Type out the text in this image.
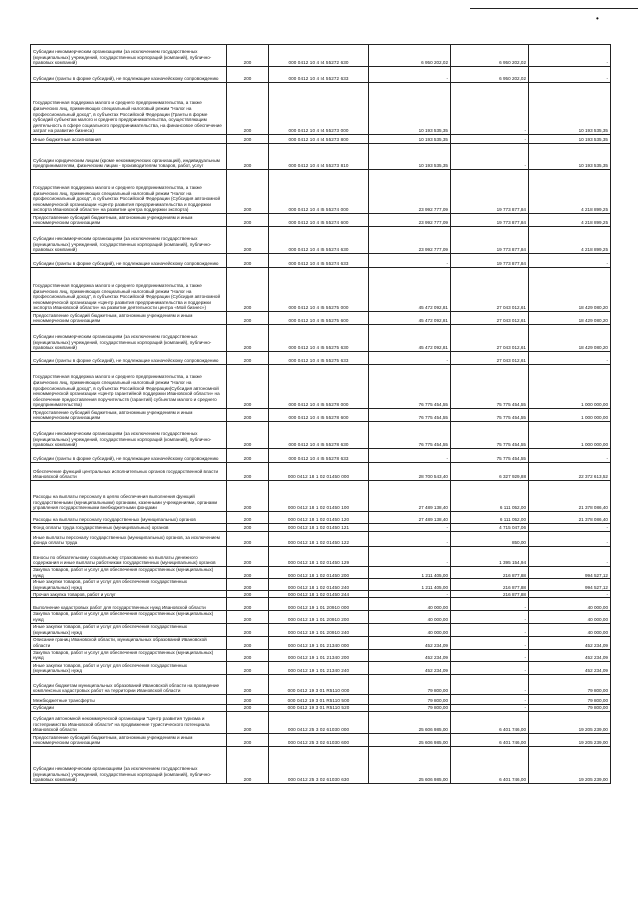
•
Субсидии некоммерческим организациям (за исключением государственных (муниципальных) учреждений, государственных корпораций (компаний), публично-правовых компаний)	200	000 0412 10 4 I4 55272 630	6 950 202,02	6 950 202,02	-
Субсидии (гранты в форме субсидий), не подлежащие казначейскому сопровождению	200	000 0412 10 4 I4 55272 633	-	6 950 202,02	-
Государственная поддержка малого и среднего предпринимательства, а также физических лиц, применяющих специальный налоговый режим "Налог на профессиональный доход", в субъектах Российской Федерации (Гранты в форме субсидий субъектам малого и среднего предпринимательства, осуществляющим деятельность в сфере социального предпринимательства, на финансовое обеспечение затрат на развитие бизнеса)	200	000 0412 10 4 I4 55273 000	10 193 535,35	-	10 193 535,35
Иные бюджетные ассигнования	200	000 0412 10 4 I4 55273 800	10 193 535,35	-	10 193 535,35
Субсидии юридическим лицам (кроме некоммерческих организаций), индивидуальным предпринимателям, физическим лицам - производителям товаров, работ, услуг	200	000 0412 10 4 I4 55273 810	10 193 535,35	-	10 193 535,35
Государственная поддержка малого и среднего предпринимательства, а также физических лиц, применяющих специальный налоговый режим "Налог на профессиональный доход", в субъектах Российской Федерации (Субсидия автономной некоммерческой организации «Центр развития предпринимательства и поддержки экспорта Ивановской области» на развитие центра поддержки экспорта)	200	000 0412 10 4 I5 55274 000	23 992 777,09	19 773 877,84	4 218 899,25
Предоставление субсидий бюджетным, автономным учреждениям и иным некоммерческим организациям	200	000 0412 10 4 I5 55274 600	23 992 777,09	19 773 877,84	4 218 899,25
Субсидии некоммерческим организациям (за исключением государственных (муниципальных) учреждений, государственных корпораций (компаний), публично-правовых компаний)	200	000 0412 10 4 I5 55274 630	23 992 777,09	19 773 877,84	4 218 899,25
Субсидии (гранты в форме субсидий), не подлежащие казначейскому сопровождению	200	000 0412 10 4 I5 55274 633	-	19 773 877,84	-
Государственная поддержка малого и среднего предпринимательства, а также физических лиц, применяющих специальный налоговый режим "Налог на профессиональный доход", в субъектах Российской Федерации (Субсидия автономной некоммерческой организации «Центр развития предпринимательства и поддержки экспорта Ивановской области» на развитие деятельности центра «Мой бизнес»)	200	000 0412 10 4 I5 55275 000	45 472 092,81	27 043 012,61	18 429 080,20
Предоставление субсидий бюджетным, автономным учреждениям и иным некоммерческим организациям	200	000 0412 10 4 I5 55275 600	45 472 092,81	27 043 012,61	18 429 080,20
Субсидии некоммерческим организациям (за исключением государственных (муниципальных) учреждений, государственных корпораций (компаний), публично-правовых компаний)	200	000 0412 10 4 I5 55275 630	45 472 092,81	27 043 012,61	18 429 080,20
Субсидии (гранты в форме субсидий), не подлежащие казначейскому сопровождению	200	000 0412 10 4 I5 55275 633	-	27 043 012,61	-
Государственная поддержка малого и среднего предпринимательства, а также физических лиц, применяющих специальный налоговый режим "Налог на профессиональный доход", в субъектах Российской Федерации(Субсидия автономной некоммерческой организации «Центр гарантийной поддержки Ивановской области» на обеспечение предоставления поручительств (гарантий) субъектам малого и среднего предпринимательства)	200	000 0412 10 4 I5 55278 000	76 775 454,55	75 775 454,55	1 000 000,00
Предоставление субсидий бюджетным, автономным учреждениям и иным некоммерческим организациям	200	000 0412 10 4 I5 55278 600	76 775 454,55	75 775 454,55	1 000 000,00
Субсидии некоммерческим организациям (за исключением государственных (муниципальных) учреждений, государственных корпораций (компаний), публично-правовых компаний)	200	000 0412 10 4 I5 55278 630	76 775 454,55	75 775 454,55	1 000 000,00
Субсидии (гранты в форме субсидий), не подлежащие казначейскому сопровождению	200	000 0412 10 4 I5 55278 633	-	75 775 454,55	-
Обеспечение функций центральных исполнительных органов государственной власти Ивановской области	200	000 0412 18 1 02 01450 000	28 700 543,40	6 327 929,88	22 372 613,52
Расходы на выплаты персоналу в целях обеспечения выполнения функций государственными (муниципальными) органами, казенными учреждениями, органами управления государственными внебюджетными фондами	200	000 0412 18 1 02 01450 100	27 489 138,40	6 111 052,00	21 378 086,40
Расходы на выплаты персоналу государственных (муниципальных) органов	200	000 0412 18 1 02 01450 120	27 489 138,40	6 111 052,00	21 378 086,40
Фонд оплаты труда государственных (муниципальных) органов	200	000 0412 18 1 02 01450 121	-	4 715 047,06	-
Иные выплаты персоналу государственных (муниципальных) органов, за исключением фонда оплаты труда	200	000 0412 18 1 02 01450 122	-	850,00	-
Взносы по обязательному социальному страхованию на выплаты денежного содержания и иные выплаты работникам государственных (муниципальных) органов	200	000 0412 18 1 02 01450 129	-	1 395 154,94	-
Закупка товаров, работ и услуг для обеспечения государственных (муниципальных) нужд	200	000 0412 18 1 02 01450 200	1 211 405,00	216 877,88	994 527,12
Иные закупки товаров, работ и услуг для обеспечения государственных (муниципальных) нужд	200	000 0412 18 1 02 01450 240	1 211 405,00	216 877,88	994 527,12
Прочая закупка товаров, работ и услуг	200	000 0412 18 1 02 01450 244	-	216 877,88	-
Выполнение кадастровых работ для государственных нужд Ивановской области	200	000 0412 19 1 01 20910 000	40 000,00	-	40 000,00
Закупка товаров, работ и услуг для обеспечения государственных (муниципальных) нужд	200	000 0412 19 1 01 20910 200	40 000,00	-	40 000,00
Иные закупки товаров, работ и услуг для обеспечения государственных (муниципальных) нужд	200	000 0412 19 1 01 20910 240	40 000,00	-	40 000,00
Описание границ Ивановской области, муниципальных образований Ивановской области	200	000 0412 19 1 01 21340 000	452 234,09	-	452 234,09
Закупка товаров, работ и услуг для обеспечения государственных (муниципальных) нужд	200	000 0412 19 1 01 21340 200	452 234,09	-	452 234,09
Иные закупки товаров, работ и услуг для обеспечения государственных (муниципальных) нужд	200	000 0412 19 1 01 21340 240	452 234,09	-	452 234,09
Субсидии бюджетам муниципальных образований Ивановской области на проведение комплексных кадастровых работ на территории Ивановской области	200	000 0412 19 3 01 R5110 000	79 800,00	-	79 800,00
Межбюджетные трансферты	200	000 0412 19 3 01 R5110 500	79 800,00	-	79 800,00
Субсидии	200	000 0412 19 3 01 R5110 520	79 800,00	-	79 800,00
Субсидия автономной некоммерческой организации "Центр развития туризма и гостеприимства Ивановской области" на продвижение туристического потенциала Ивановской области	200	000 0412 25 3 02 61030 000	25 606 985,00	6 401 746,00	19 205 239,00
Предоставление субсидий бюджетным, автономным учреждениям и иным некоммерческим организациям	200	000 0412 25 3 02 61030 600	25 606 985,00	6 401 746,00	19 205 239,00
Субсидии некоммерческим организациям (за исключением государственных (муниципальных) учреждений, государственных корпораций (компаний), публично-правовых компаний)	200	000 0412 25 3 02 61030 630	25 606 985,00	6 401 746,00	19 205 239,00
